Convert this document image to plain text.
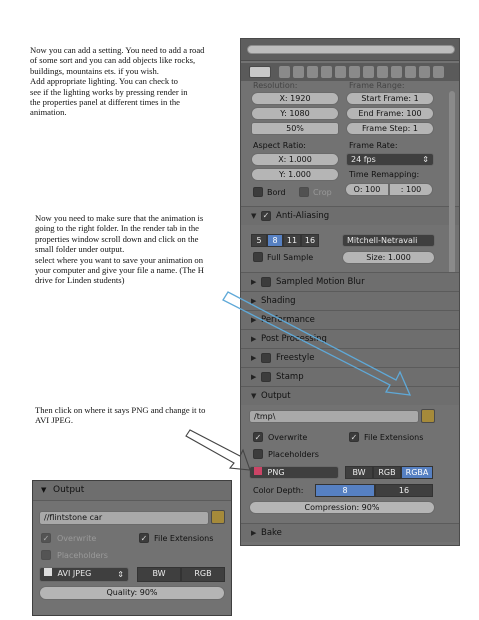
Now you can add a setting. You need to add a road
of some sort and you can add objects like rocks,
buildings, mountains ets. if you wish.
Add appropriate lighting. You can check to
see if the lighting works by pressing render in
the properties panel at different times in the
animation.

Now you need to make sure that the animation is
going to the right folder. In the render tab in the
properties window scroll down and click on the
small folder under output.
select where you want to save your animation on
your computer and give your file a name. (The H
drive for Linden students)

Then click on where it says PNG and change it to
AVI JPEG.

Resolution:	Frame Range:
X: 1920
Y: 1080
50%
Start Frame: 1
End Frame: 100
Frame Step: 1
Aspect Ratio:	Frame Rate:
X: 1.000
Y: 1.000
24 fps	⇕
Time Remapping:
O: 100	: 100
Bord	Crop
▼ ✓ Anti-Aliasing
5	8	11 16	Mitchell-Netravali
Full Sample	Size: 1.000
▶ Sampled Motion Blur
▶ Shading
▶ Performance
▶ Post Processing
▶ Freestyle
▶ Stamp
▼ Output
/tmp\
✓ Overwrite	✓ File Extensions
Placeholders
PNG	BW	RGB	RGBA
Color Depth:	8	16
Compression: 90%
▶ Bake
▼ Output
//flintstone car
✓ Overwrite	✓ File Extensions
Placeholders
AVI JPEG	⇕	BW	RGB
Quality: 90%
